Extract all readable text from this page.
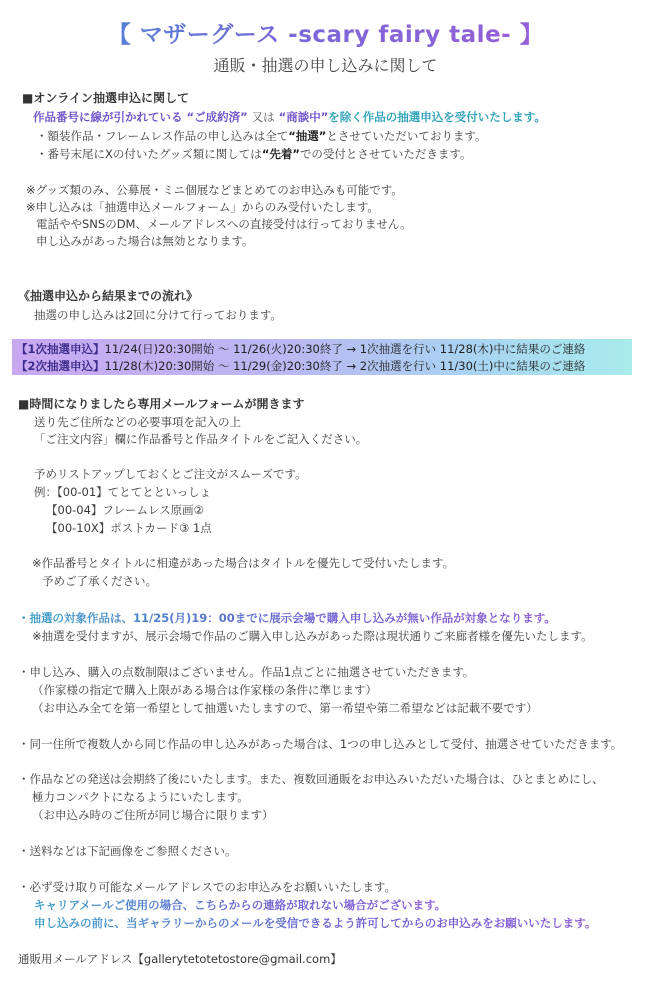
【 マザーグース -scary fairy tale- 】
通販・抽選の申し込みに関して
■オンライン抽選申込に関して
作品番号に線が引かれている “ご成約済” 又は “商談中”を除く作品の抽選申込を受付いたします。
・額装作品・フレームレス作品の申し込みは全て“抽選”とさせていただいております。
・番号末尾にXの付いたグッズ類に関しては“先着”での受付とさせていただきます。
※グッズ類のみ、公募展・ミニ個展などまとめてのお申込みも可能です。
※申し込みは「抽選申込メールフォーム」からのみ受付いたします。
電話ややSNSのDM、メールアドレスへの直接受付は行っておりません。
申し込みがあった場合は無効となります。
《抽選申込から結果までの流れ》
抽選の申し込みは2回に分けて行っております。
【1次抽選申込】11/24(日)20:30開始 ～ 11/26(火)20:30終了 → 1次抽選を行い 11/28(木)中に結果のご連絡
【2次抽選申込】11/28(木)20:30開始 ～ 11/29(金)20:30終了 → 2次抽選を行い 11/30(土)中に結果のご連絡
■時間になりましたら専用メールフォームが開きます
送り先ご住所などの必要事項を記入の上
「ご注文内容」欄に作品番号と作品タイトルをご記入ください。
予めリストアップしておくとご注文がスムーズです。
例：【00-01】てとてとといっしょ
【00-04】フレームレス原画②
【00-10X】ポストカード③ 1点
※作品番号とタイトルに相違があった場合はタイトルを優先して受付いたします。
予めご了承ください。
・抽選の対象作品は、11/25(月)19：00までに展示会場で購入申し込みが無い作品が対象となります。
※抽選を受付ますが、展示会場で作品のご購入申し込みがあった際は現状通りご来廊者様を優先いたします。
・申し込み、購入の点数制限はございません。作品1点ごとに抽選させていただきます。
（作家様の指定で購入上限がある場合は作家様の条件に準じます）
（お申込み全てを第一希望として抽選いたしますので、第一希望や第二希望などは記載不要です）
・同一住所で複数人から同じ作品の申し込みがあった場合は、1つの申し込みとして受付、抽選させていただきます。
・作品などの発送は会期終了後にいたします。また、複数回通販をお申込みいただいた場合は、ひとまとめにし、
極力コンパクトになるようにいたします。
（お申込み時のご住所が同じ場合に限ります）
・送料などは下記画像をご参照ください。
・必ず受け取り可能なメールアドレスでのお申込みをお願いいたします。
キャリアメールご使用の場合、こちらからの連絡が取れない場合がございます。
申し込みの前に、当ギャラリーからのメールを受信できるよう許可してからのお申込みをお願いいたします。
通販用メールアドレス【gallerytetotetostore@gmail.com】
